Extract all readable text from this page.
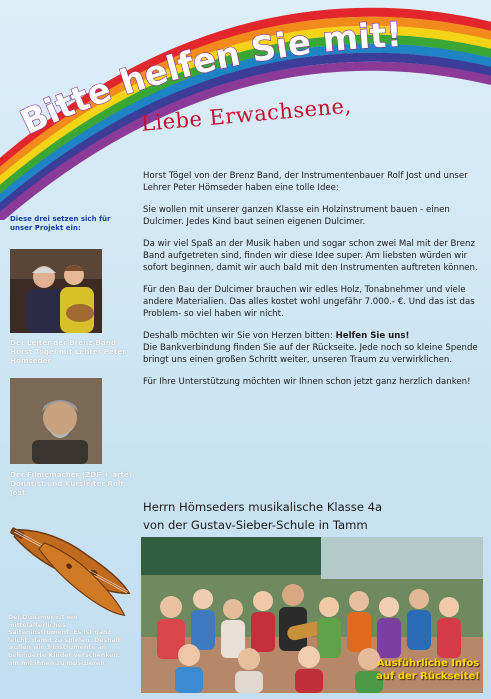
Bitte helfen Sie mit!
Liebe Erwachsene,

Horst Tögel von der Brenz Band, der Instrumentenbauer Rolf Jost und unser Lehrer Peter Hömseder haben eine tolle Idee:

Sie wollen mit unserer ganzen Klasse ein Holzinstrument bauen - einen Dulcimer. Jedes Kind baut seinen eigenen Dulcimer.

Da wir viel Spaß an der Musik haben und sogar schon zwei Mal mit der Brenz Band aufgetreten sind, finden wir diese Idee super. Am liebsten würden wir sofort beginnen, damit wir auch bald mit den Instrumenten auftreten können.

Für den Bau der Dulcimer brauchen wir edles Holz, Tonabnehmer und viele andere Materialien. Das alles kostet wohl ungefähr 7.000.- €. Und das ist das Problem- so viel haben wir nicht.

Deshalb möchten wir Sie von Herzen bitten: Helfen Sie uns!
Die Bankverbindung finden Sie auf der Rückseite. Jede noch so kleine Spende bringt uns einen großen Schritt weiter, unseren Traum zu verwirklichen.

Für Ihre Unterstützung möchten wir Ihnen schon jetzt ganz herzlich danken!

Herrn Hömseders musikalische Klasse 4a
von der Gustav-Sieber-Schule in Tamm
Diese drei setzen sich für unser Projekt ein:
Der Leiter der Brenz-Band Horst Tögel mit Lehrer Peter Hömseder
Der Filmemacher (ZDF + arte), Donatist und Kursleiter Rolf Jost
Der Dulcimer ist ein mittelalterliches Saiteninstrument. Es ist ganz leicht, damit zu spielen. Deshalb wollen wir 3 Instrumente an behinderte Kinder verschenken, um mit ihnen zu musizieren.	Ausführliche Infos auf der Rückseite!
